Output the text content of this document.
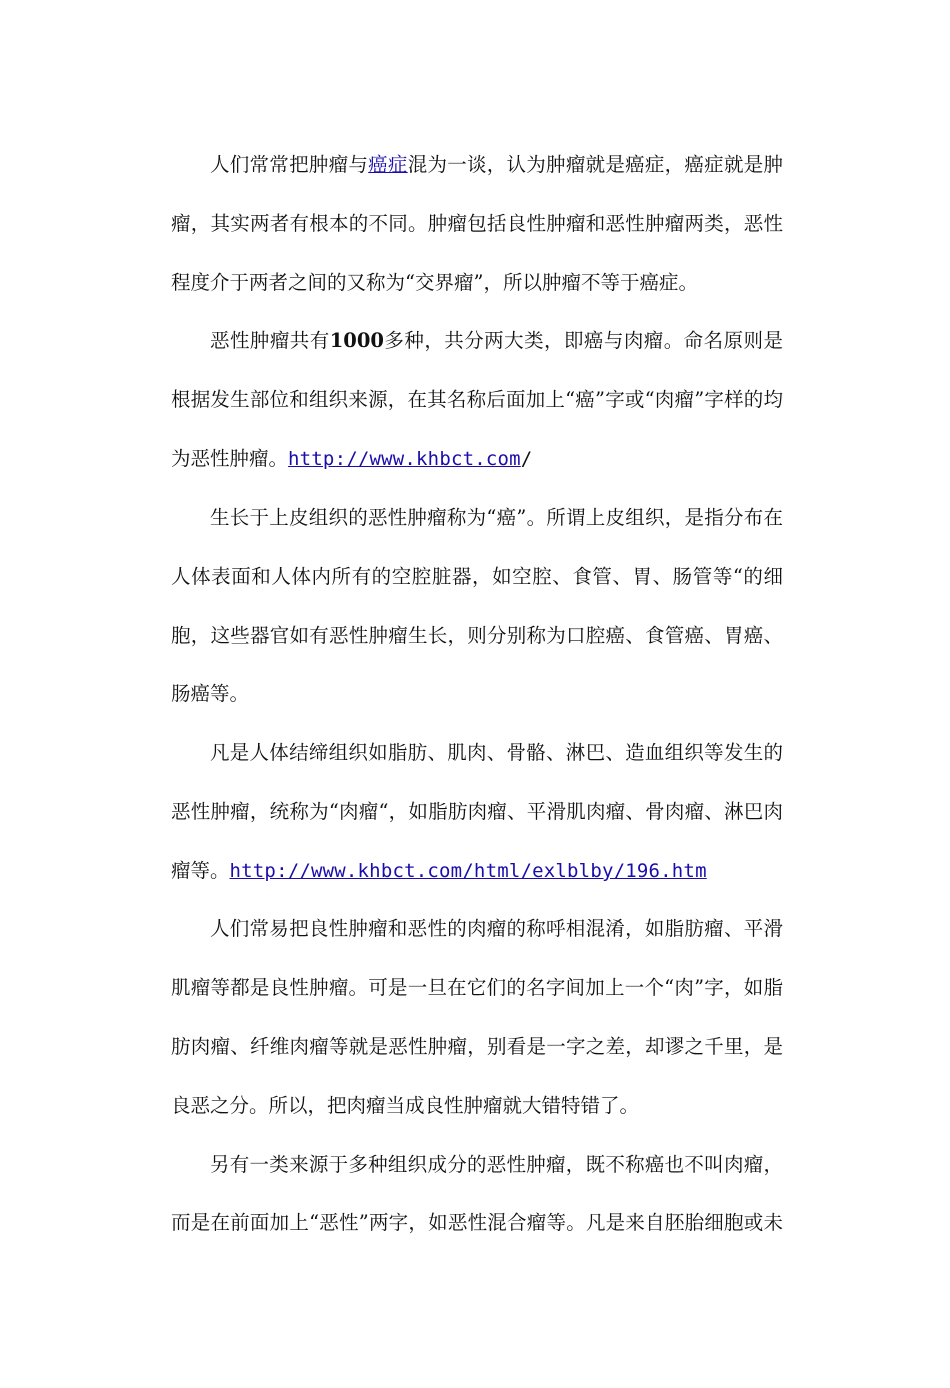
人们常常把肿瘤与癌症混为一谈，认为肿瘤就是癌症，癌症就是肿
瘤，其实两者有根本的不同。肿瘤包括良性肿瘤和恶性肿瘤两类，恶性
程度介于两者之间的又称为“交界瘤”，所以肿瘤不等于癌症。
恶性肿瘤共有1000多种，共分两大类，即癌与肉瘤。命名原则是
根据发生部位和组织来源，在其名称后面加上“癌”字或“肉瘤”字样的均
为恶性肿瘤。http://www.khbct.com/
生长于上皮组织的恶性肿瘤称为“癌”。所谓上皮组织，是指分布在
人体表面和人体内所有的空腔脏器，如空腔、食管、胃、肠管等“的细
胞，这些器官如有恶性肿瘤生长，则分别称为口腔癌、食管癌、胃癌、
肠癌等。
凡是人体结缔组织如脂肪、肌肉、骨骼、淋巴、造血组织等发生的
恶性肿瘤，统称为“肉瘤“，如脂肪肉瘤、平滑肌肉瘤、骨肉瘤、淋巴肉
瘤等。http://www.khbct.com/html/exlblby/196.htm
人们常易把良性肿瘤和恶性的肉瘤的称呼相混淆，如脂肪瘤、平滑
肌瘤等都是良性肿瘤。可是一旦在它们的名字间加上一个“肉”字，如脂
肪肉瘤、纤维肉瘤等就是恶性肿瘤，别看是一字之差，却谬之千里，是
良恶之分。所以，把肉瘤当成良性肿瘤就大错特错了。
另有一类来源于多种组织成分的恶性肿瘤，既不称癌也不叫肉瘤，
而是在前面加上“恶性”两字，如恶性混合瘤等。凡是来自胚胎细胞或未
